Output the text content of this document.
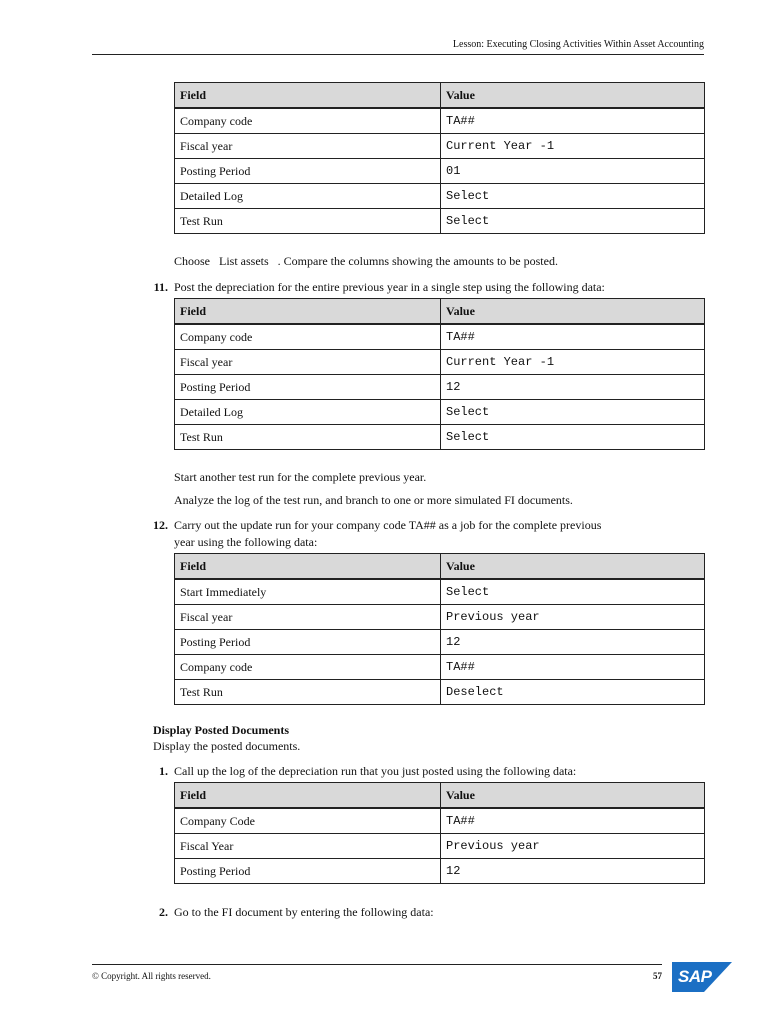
Lesson: Executing Closing Activities Within Asset Accounting
Field	Value
Company code	TA##
Fiscal year	Current Year -1
Posting Period	01
Detailed Log	Select
Test Run	Select
Choose List assets . Compare the columns showing the amounts to be posted.
11. Post the depreciation for the entire previous year in a single step using the following data:
Field	Value
Company code	TA##
Fiscal year	Current Year -1
Posting Period	12
Detailed Log	Select
Test Run	Select
Start another test run for the complete previous year.
Analyze the log of the test run, and branch to one or more simulated FI documents.
12. Carry out the update run for your company code TA## as a job for the complete previous
year using the following data:
Field	Value
Start Immediately	Select
Fiscal year	Previous year
Posting Period	12
Company code	TA##
Test Run	Deselect
Display Posted Documents
Display the posted documents.
1. Call up the log of the depreciation run that you just posted using the following data:
Field	Value
Company Code	TA##
Fiscal Year	Previous year
Posting Period	12
2. Go to the FI document by entering the following data:
© Copyright. All rights reserved.	57 SAP
